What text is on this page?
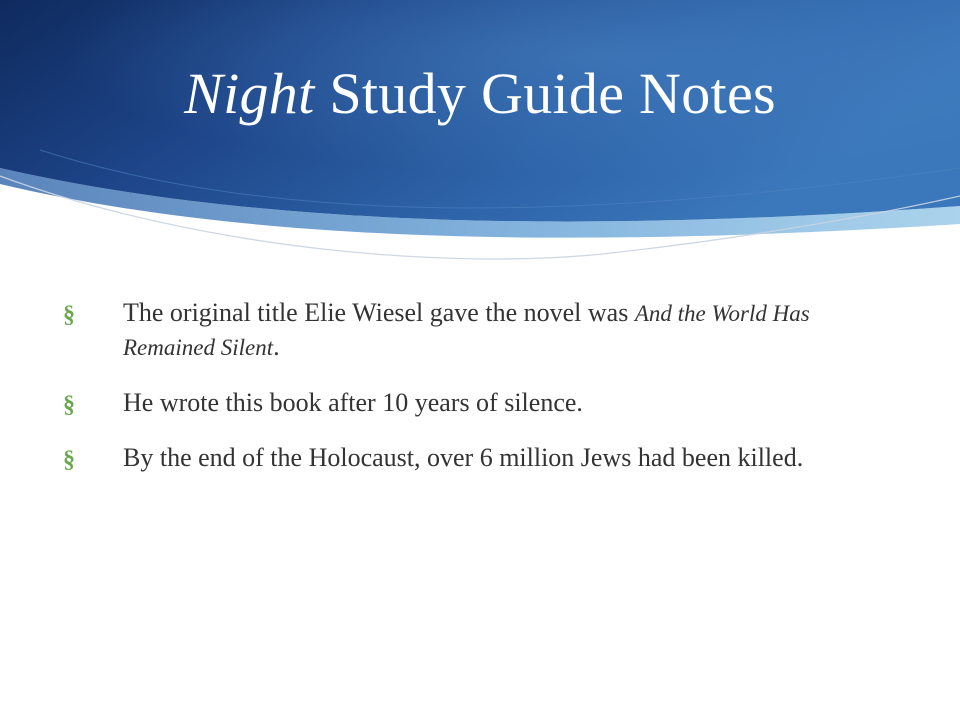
Night Study Guide Notes
§ The original title Elie Wiesel gave the novel was And the World Has Remained Silent.
§ He wrote this book after 10 years of silence.
§ By the end of the Holocaust, over 6 million Jews had been killed.
